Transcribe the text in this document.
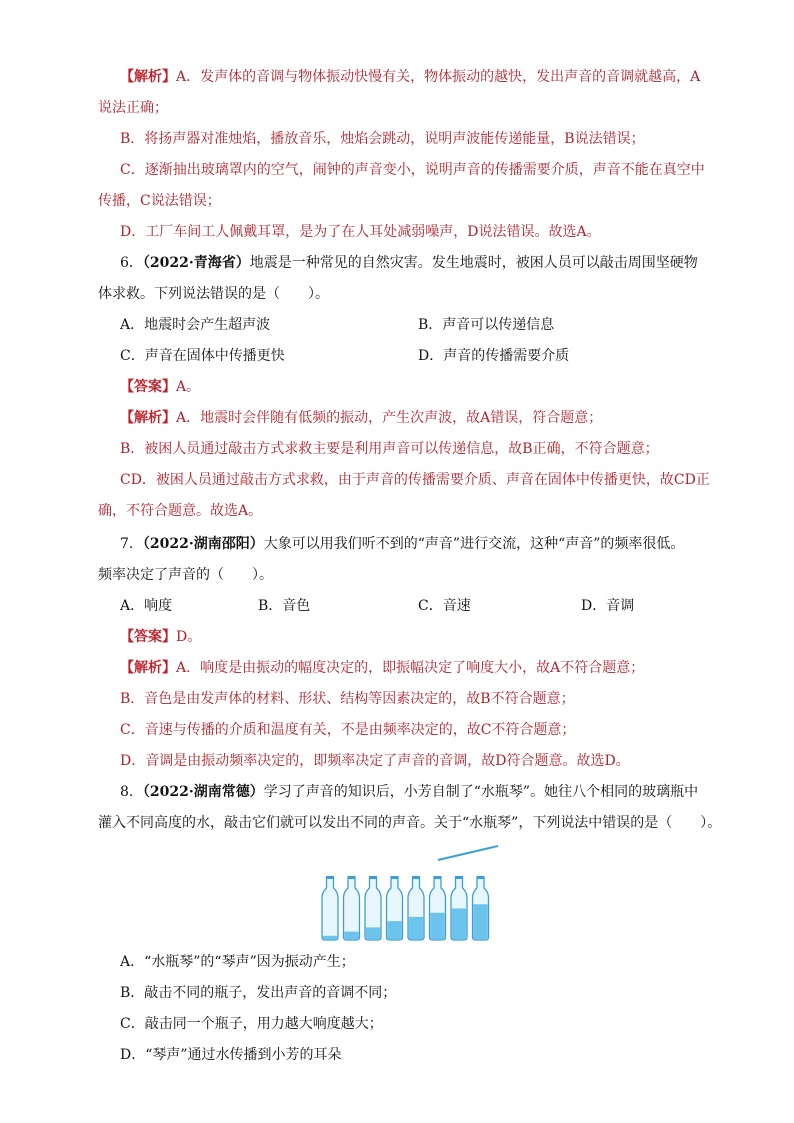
【解析】A．发声体的音调与物体振动快慢有关，物体振动的越快，发出声音的音调就越高，A
说法正确；
B．将扬声器对准烛焰，播放音乐，烛焰会跳动，说明声波能传递能量，B说法错误；
C．逐渐抽出玻璃罩内的空气，闹钟的声音变小，说明声音的传播需要介质，声音不能在真空中
传播，C说法错误；
D．工厂车间工人佩戴耳罩，是为了在人耳处减弱噪声，D说法错误。故选A。
6．（2022·青海省）地震是一种常见的自然灾害。发生地震时，被困人员可以敲击周围坚硬物
体求救。下列说法错误的是（　　）。
A．地震时会产生超声波	B．声音可以传递信息
C．声音在固体中传播更快	D．声音的传播需要介质
【答案】A。
【解析】A．地震时会伴随有低频的振动，产生次声波，故A错误，符合题意；
B．被困人员通过敲击方式求救主要是利用声音可以传递信息，故B正确，不符合题意；
CD．被困人员通过敲击方式求救，由于声音的传播需要介质、声音在固体中传播更快，故CD正
确，不符合题意。故选A。
7．（2022·湖南邵阳）大象可以用我们听不到的“声音”进行交流，这种“声音”的频率很低。
频率决定了声音的（　　）。
A．响度	B．音色	C．音速	D．音调
【答案】D。
【解析】A．响度是由振动的幅度决定的，即振幅决定了响度大小，故A不符合题意；
B．音色是由发声体的材料、形状、结构等因素决定的，故B不符合题意；
C．音速与传播的介质和温度有关，不是由频率决定的，故C不符合题意；
D．音调是由振动频率决定的，即频率决定了声音的音调，故D符合题意。故选D。
8．（2022·湖南常德）学习了声音的知识后，小芳自制了“水瓶琴”。她往八个相同的玻璃瓶中
灌入不同高度的水，敲击它们就可以发出不同的声音。关于“水瓶琴”，下列说法中错误的是（　　）。
A．“水瓶琴”的“琴声”因为振动产生；
B．敲击不同的瓶子，发出声音的音调不同；
C．敲击同一个瓶子，用力越大响度越大；
D．“琴声”通过水传播到小芳的耳朵
